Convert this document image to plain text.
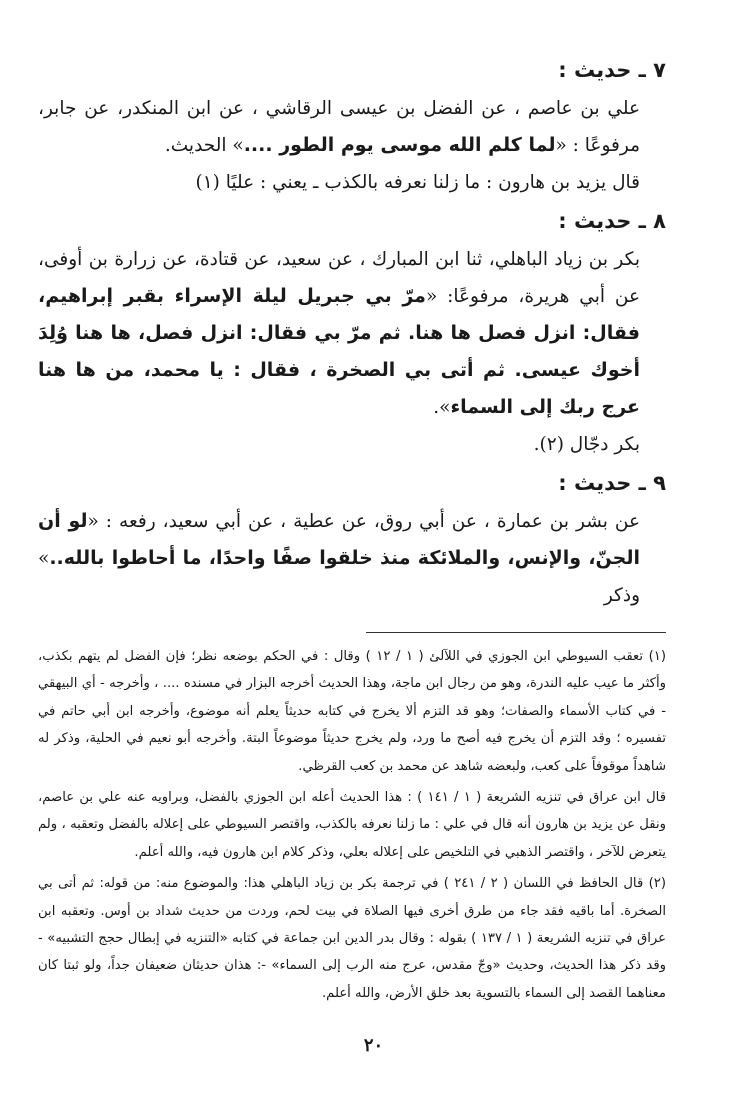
٧ ـ حديث :

علي بن عاصم ، عن الفضل بن عيسى الرقاشي ، عن ابن المنكدر، عن جابر، مرفوعًا : «لما كلم الله موسى يوم الطور ....» الحديث.

قال يزيد بن هارون : ما زلنا نعرفه بالكذب ـ يعني : عليًا (١)

٨ ـ حديث :

بكر بن زياد الباهلي، ثنا ابن المبارك ، عن سعيد، عن قتادة، عن زرارة بن أوفى، عن أبي هريرة، مرفوعًا: «مرّ بي جبريل ليلة الإسراء بقبر إبراهيم، فقال: انزل فصل ها هنا. ثم مرّ بي فقال: انزل فصل، ها هنا وُلِدَ أخوك عيسى. ثم أتى بي الصخرة ، فقال : يا محمد، من ها هنا عرج ربك إلى السماء».

بكر دجّال (٢).

٩ ـ حديث :

عن بشر بن عمارة ، عن أبي روق، عن عطية ، عن أبي سعيد، رفعه : «لو أن الجنّ، والإنس، والملائكة منذ خلقوا صفًا واحدًا، ما أحاطوا بالله..» وذكر

(١) تعقب السيوطي ابن الجوزي في اللآلئ ( ١ / ١٢ ) وقال : في الحكم بوضعه نظر؛ فإن الفضل لم يتهم بكذب، وأكثر ما عيب عليه الندرة، وهو من رجال ابن ماجة، وهذا الحديث أخرجه البزار في مسنده .... ، وأخرجه - أي البيهقي - في كتاب الأسماء والصفات؛ وهو قد التزم ألا يخرج في كتابه حديثاً يعلم أنه موضوع، وأخرجه ابن أبي حاتم في تفسيره ؛ وقد التزم أن يخرج فيه أصح ما ورد، ولم يخرج حديثاً موضوعاً البتة. وأخرجه أبو نعيم في الحلية، وذكر له شاهداً موقوفاً على كعب، ولبعضه شاهد عن محمد بن كعب القرظي.

قال ابن عراق في تنزيه الشريعة ( ١ / ١٤١ ) : هذا الحديث أعله ابن الجوزي بالفضل، وبراويه عنه علي بن عاصم، ونقل عن يزيد بن هارون أنه قال في علي : ما زلنا نعرفه بالكذب، واقتصر السيوطي على إعلاله بالفضل وتعقبه ، ولم يتعرض للآخر ، واقتصر الذهبي في التلخيص على إعلاله بعلي، وذكر كلام ابن هارون فيه، والله أعلم.

(٢) قال الحافظ في اللسان ( ٢ / ٢٤١ ) في ترجمة بكر بن زياد الباهلي هذا: والموضوع منه: من قوله: ثم أتى بي الصخرة. أما باقيه فقد جاء من طرق أخرى فيها الصلاة في بيت لحم، وردت من حديث شداد بن أوس. وتعقبه ابن عراق في تنزيه الشريعة ( ١ / ١٣٧ ) بقوله : وقال بدر الدين ابن جماعة في كتابه «التنزيه في إبطال حجج التشبيه» - وقد ذكر هذا الحديث، وحديث «وجّ مقدس، عرج منه الرب إلى السماء» -: هذان حديثان ضعيفان جداً، ولو ثبتا كان معناهما القصد إلى السماء بالتسوية بعد خلق الأرض، والله أعلم.

٢٠
